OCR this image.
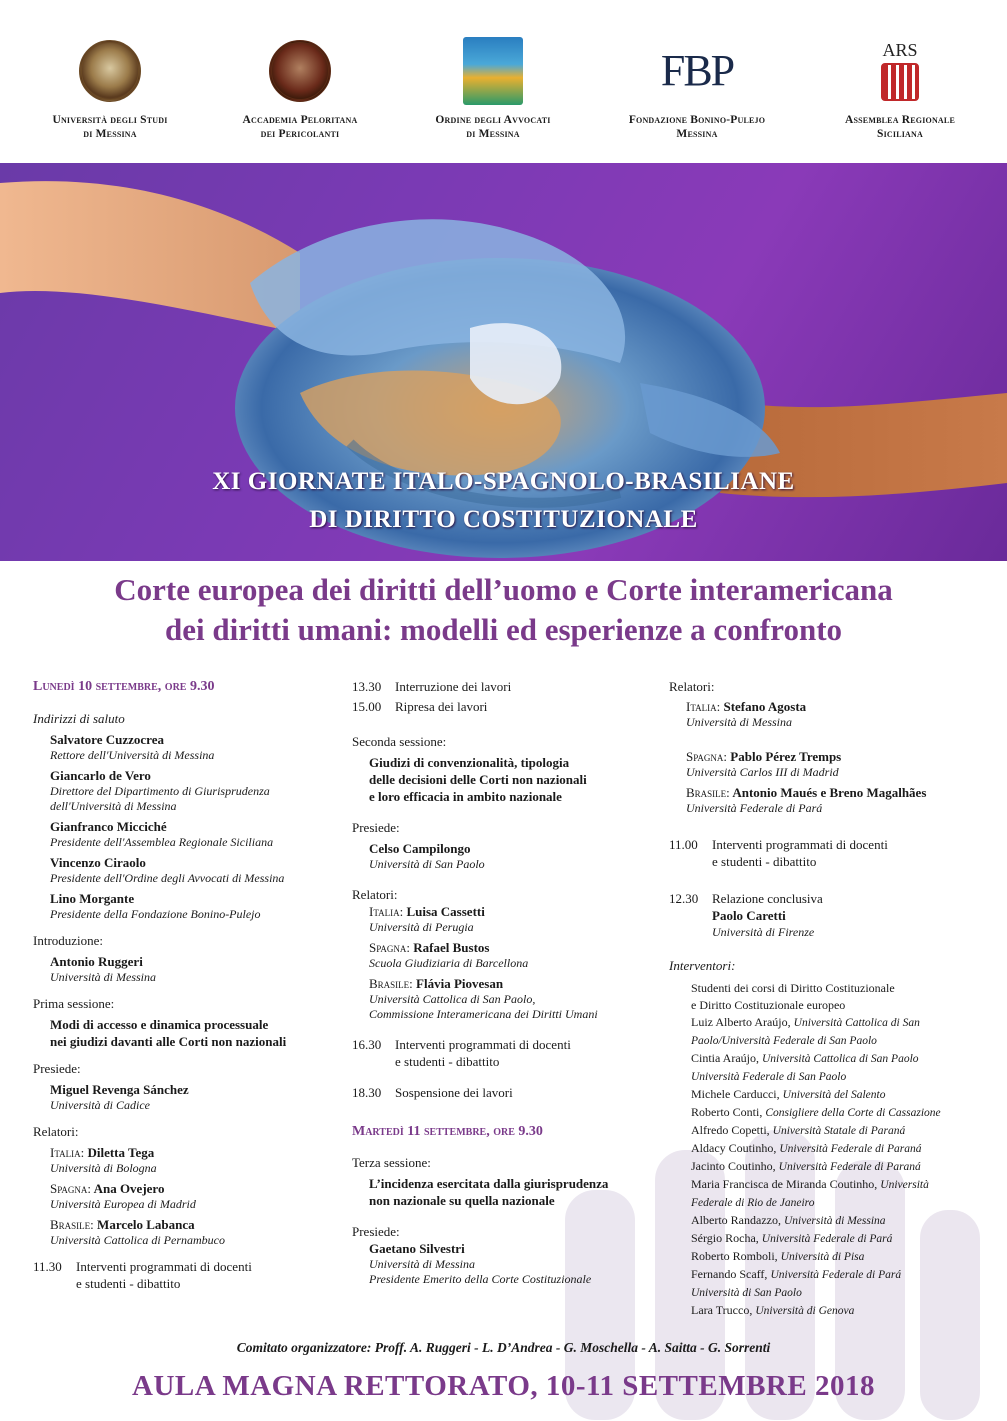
Università degli Studi
di Messina
Accademia Peloritana
dei Pericolanti
Ordine degli Avvocati
di Messina
FBP
Fondazione Bonino-Pulejo
Messina
ARS
Assemblea Regionale
Siciliana
XI GIORNATE ITALO-SPAGNOLO-BRASILIANE
DI DIRITTO COSTITUZIONALE
Corte europea dei diritti dell’uomo e Corte interamericana
dei diritti umani: modelli ed esperienze a confronto
Lunedì 10 settembre, ore 9.30
Indirizzi di saluto
Salvatore Cuzzocrea
Rettore dell'Università di Messina
Giancarlo de Vero
Direttore del Dipartimento di Giurisprudenza
dell'Università di Messina
Gianfranco Micciché
Presidente dell'Assemblea Regionale Siciliana
Vincenzo Ciraolo
Presidente dell'Ordine degli Avvocati di Messina
Lino Morgante
Presidente della Fondazione Bonino-Pulejo
Introduzione:
Antonio Ruggeri
Università di Messina
Prima sessione:
Modi di accesso e dinamica processuale
nei giudizi davanti alle Corti non nazionali
Presiede:
Miguel Revenga Sánchez
Università di Cadice
Relatori:
Italia: Diletta Tega
Università di Bologna
Spagna: Ana Ovejero
Università Europea di Madrid
Brasile: Marcelo Labanca
Università Cattolica di Pernambuco
11.30	Interventi programmati di docenti
e studenti - dibattito
13.30	Interruzione dei lavori
15.00	Ripresa dei lavori
Seconda sessione:
Giudizi di convenzionalità, tipologia
delle decisioni delle Corti non nazionali
e loro efficacia in ambito nazionale
Presiede:
Celso Campilongo
Università di San Paolo
Relatori:
Italia: Luisa Cassetti
Università di Perugia
Spagna: Rafael Bustos
Scuola Giudiziaria di Barcellona
Brasile: Flávia Piovesan
Università Cattolica di San Paolo,
Commissione Interamericana dei Diritti Umani
16.30	Interventi programmati di docenti
e studenti - dibattito
18.30	Sospensione dei lavori
Martedì 11 settembre, ore 9.30
Terza sessione:
L’incidenza esercitata dalla giurisprudenza
non nazionale su quella nazionale
Presiede:
Gaetano Silvestri
Università di Messina
Presidente Emerito della Corte Costituzionale
Relatori:
Italia: Stefano Agosta
Università di Messina
Spagna: Pablo Pérez Tremps
Università Carlos III di Madrid
Brasile: Antonio Maués e Breno Magalhães
Università Federale di Pará
11.00	Interventi programmati di docenti
e studenti - dibattito
12.30	Relazione conclusiva
Paolo Caretti
Università di Firenze
Interventori:
Studenti dei corsi di Diritto Costituzionale
e Diritto Costituzionale europeo
Luiz Alberto Araújo, Università Cattolica di San
Paolo/Università Federale di San Paolo
Cintia Araújo, Università Cattolica di San Paolo
Università Federale di San Paolo
Michele Carducci, Università del Salento
Roberto Conti, Consigliere della Corte di Cassazione
Alfredo Copetti, Università Statale di Paraná
Aldacy Coutinho, Università Federale di Paraná
Jacinto Coutinho, Università Federale di Paraná
Maria Francisca de Miranda Coutinho, Università
Federale di Rio de Janeiro
Alberto Randazzo, Università di Messina
Sérgio Rocha, Università Federale di Pará
Roberto Romboli, Università di Pisa
Fernando Scaff, Università Federale di Pará
Università di San Paolo
Lara Trucco, Università di Genova
Comitato organizzatore: Proff. A. Ruggeri - L. D’Andrea - G. Moschella - A. Saitta - G. Sorrenti
AULA MAGNA RETTORATO, 10-11 SETTEMBRE 2018
